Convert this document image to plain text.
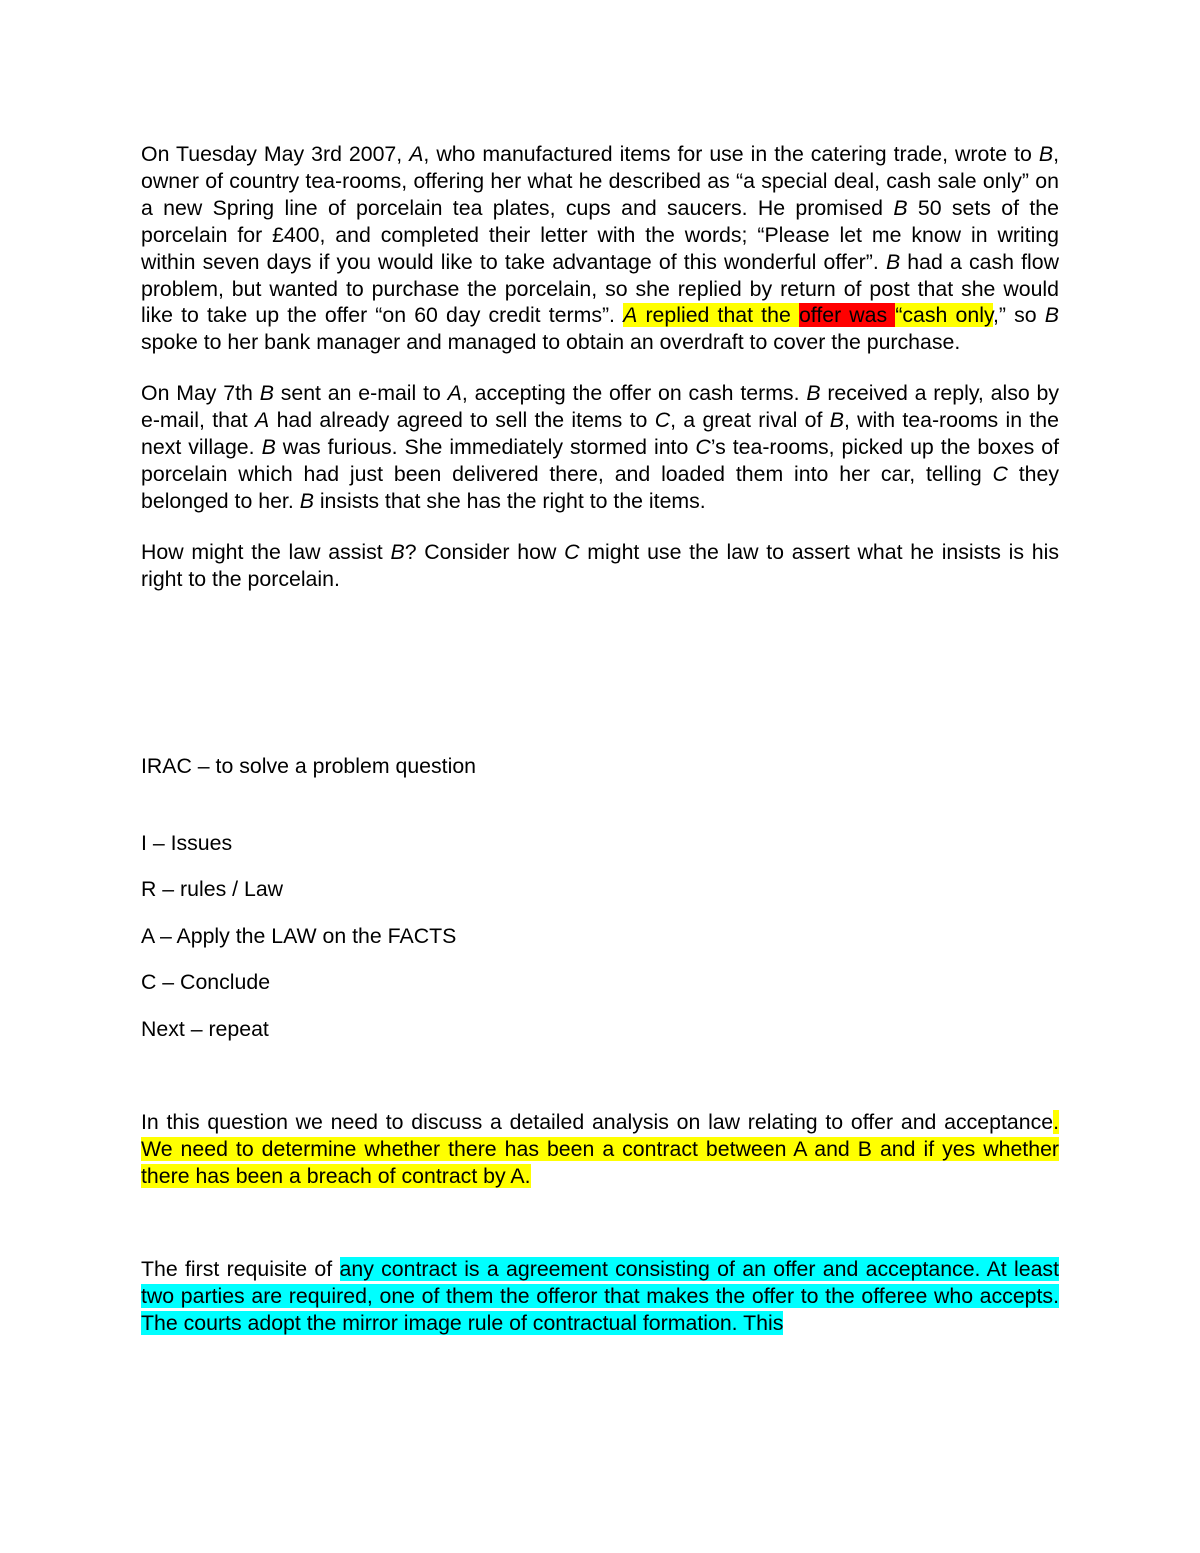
On Tuesday May 3rd 2007, A, who manufactured items for use in the catering trade, wrote to B, owner of country tea-rooms, offering her what he described as “a special deal, cash sale only” on a new Spring line of porcelain tea plates, cups and saucers. He promised B 50 sets of the porcelain for £400, and completed their letter with the words; “Please let me know in writing within seven days if you would like to take advantage of this wonderful offer”. B had a cash flow problem, but wanted to purchase the porcelain, so she replied by return of post that she would like to take up the offer “on 60 day credit terms”. A replied that the offer was “cash only,” so B spoke to her bank manager and managed to obtain an overdraft to cover the purchase.

On May 7th B sent an e-mail to A, accepting the offer on cash terms. B received a reply, also by e-mail, that A had already agreed to sell the items to C, a great rival of B, with tea-rooms in the next village. B was furious. She immediately stormed into C’s tea-rooms, picked up the boxes of porcelain which had just been delivered there, and loaded them into her car, telling C they belonged to her. B insists that she has the right to the items.

How might the law assist B? Consider how C might use the law to assert what he insists is his right to the porcelain.

IRAC – to solve a problem question

I – Issues

R – rules / Law

A – Apply the LAW on the FACTS

C – Conclude

Next – repeat

In this question we need to discuss a detailed analysis on law relating to offer and acceptance. We need to determine whether there has been a contract between A and B and if yes whether there has been a breach of contract by A.

The first requisite of any contract is a agreement consisting of an offer and acceptance. At least two parties are required, one of them the offeror that makes the offer to the offeree who accepts. The courts adopt the mirror image rule of contractual formation. This
